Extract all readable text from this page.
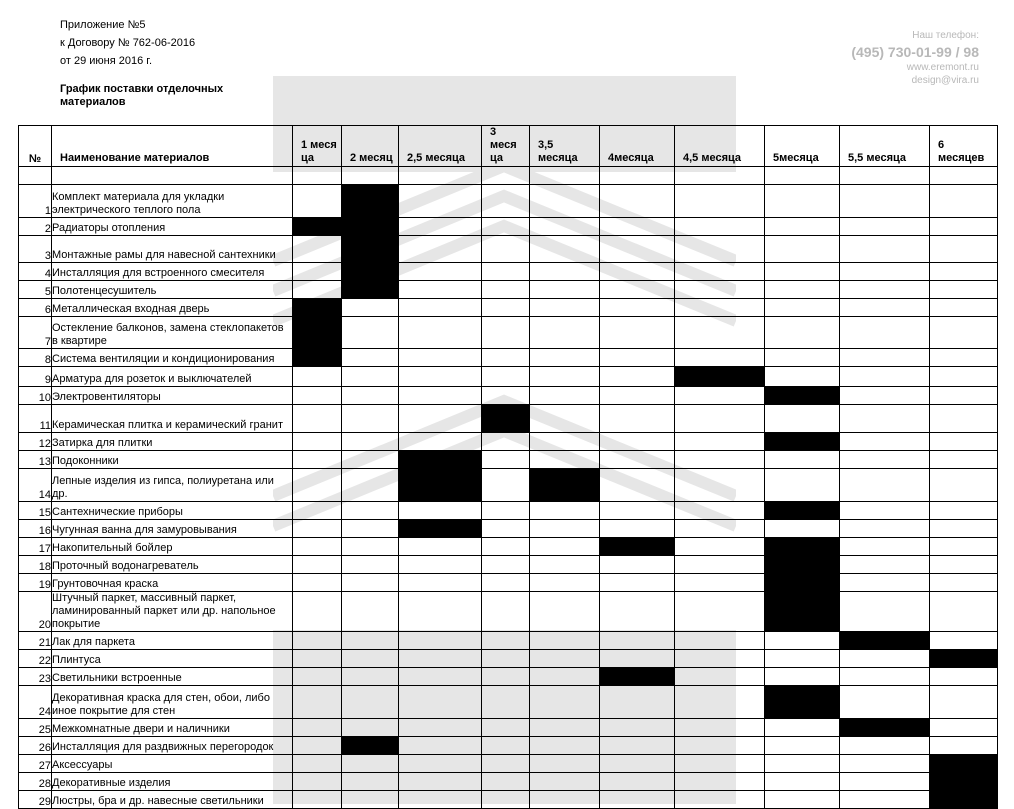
Приложение №5
к Договору № 762-06-2016
от 29 июня 2016 г.
График поставки отделочных материалов
Наш телефон:
(495) 730-01-99 / 98
www.eremont.ru
design@vira.ru
№	Наименование материалов	1 меся ца	2 месяц	2,5 месяца	3 меся ца	3,5 месяца	4месяца	4,5 месяца	5месяца	5,5 месяца	6 месяцев

1	Комплект материала для укладки электрического теплого пола										
2	Радиаторы отопления										
3	Монтажные рамы для навесной сантехники										
4	Инсталляция для встроенного смесителя										
5	Полотенцесушитель										
6	Металлическая входная дверь										
7	Остекление балконов, замена стеклопакетов в квартире										
8	Система вентиляции и кондиционирования										
9	Арматура для розеток и выключателей										
10	Электровентиляторы										
11	Керамическая плитка и керамический гранит										
12	Затирка для плитки										
13	Подоконники										
14	Лепные изделия из гипса, полиуретана или др.										
15	Сантехнические приборы										
16	Чугунная ванна для замуровывания										
17	Накопительный бойлер										
18	Проточный водонагреватель										
19	Грунтовочная краска										
20	Штучный паркет, массивный паркет, ламинированный паркет или др. напольное покрытие										
21	Лак для паркета										
22	Плинтуса										
23	Светильники встроенные										
24	Декоративная краска для стен, обои, либо иное покрытие для стен										
25	Межкомнатные двери и наличники										
26	Инсталляция для раздвижных перегородок										
27	Аксессуары										
28	Декоративные изделия										
29	Люстры, бра и др. навесные светильники										
